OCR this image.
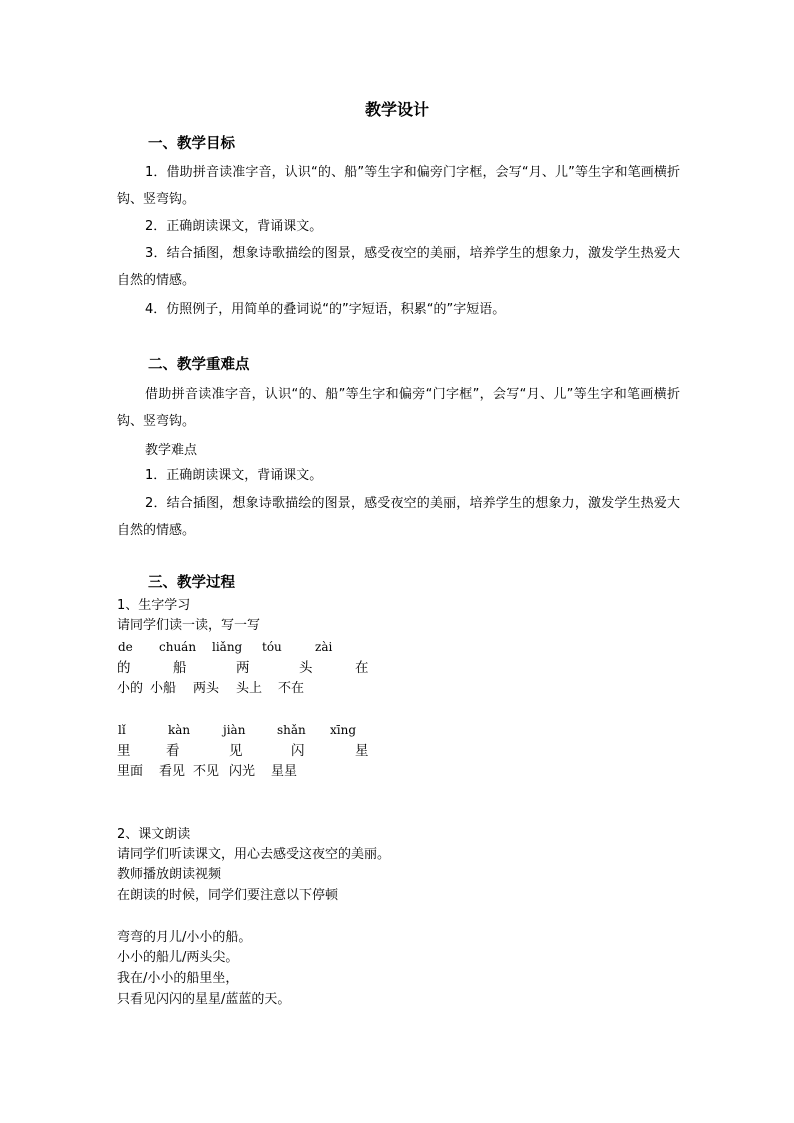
教学设计
一、教学目标
1．借助拼音读准字音，认识“的、船”等生字和偏旁门字框，会写“月、儿”等生字和笔画横折钩、竖弯钩。
2．正确朗读课文，背诵课文。
3．结合插图，想象诗歌描绘的图景，感受夜空的美丽，培养学生的想象力，激发学生热爱大自然的情感。
4．仿照例子，用简单的叠词说“的”字短语，积累“的”字短语。
二、教学重难点
借助拼音读准字音，认识“的、船”等生字和偏旁“门字框”，会写“月、儿”等生字和笔画横折钩、竖弯钩。
教学难点
1．正确朗读课文，背诵课文。
2．结合插图，想象诗歌描绘的图景，感受夜空的美丽，培养学生的想象力，激发学生热爱大自然的情感。
三、教学过程
1、生字学习
请同学们读一读，写一写
de chuán liǎng tóu	zài
的	船	两	头	在
小的 小船 两头 头上 不在
lǐ	kàn	jiàn	shǎn xīng
里	看	见	闪	星
里面 看见 不见 闪光 星星
2、课文朗读
请同学们听读课文，用心去感受这夜空的美丽。
教师播放朗读视频
在朗读的时候，同学们要注意以下停顿
弯弯的月儿/小小的船。
小小的船儿/两头尖。
我在/小小的船里坐，
只看见闪闪的星星/蓝蓝的天。
